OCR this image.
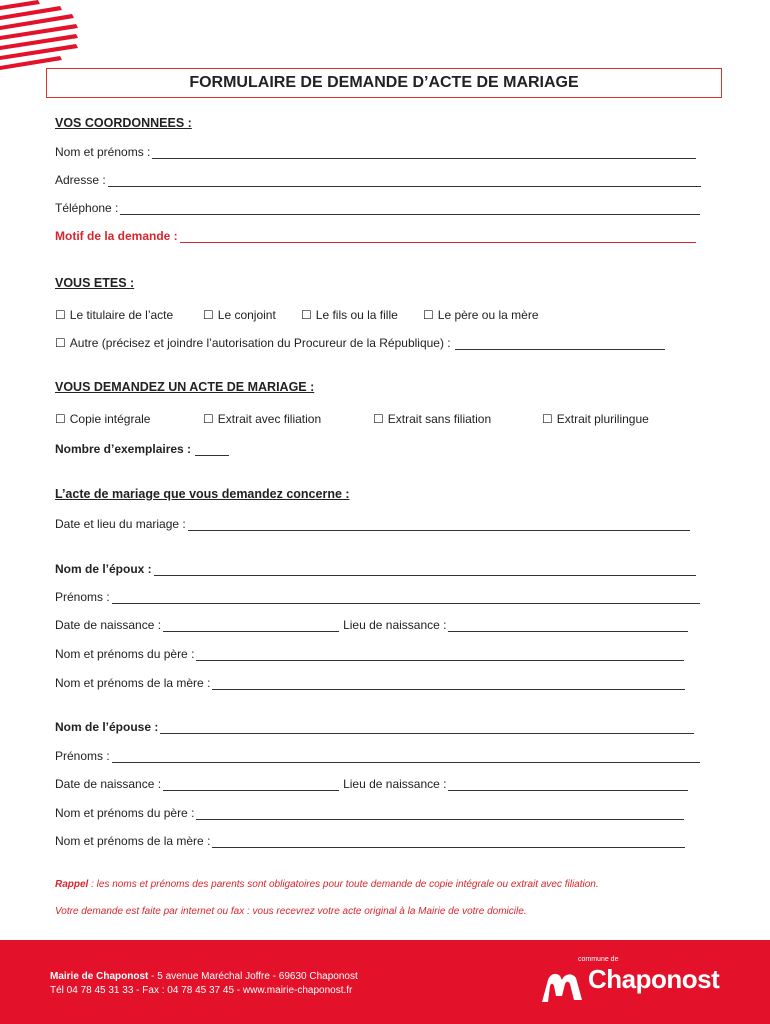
FORMULAIRE DE DEMANDE D’ACTE DE MARIAGE
VOS COORDONNEES :
Nom et prénoms :
Adresse :
Téléphone :
Motif de la demande :
VOUS ETES :
☐ Le titulaire de l’acte ☐ Le conjoint ☐ Le fils ou la fille ☐ Le père ou la mère
☐ Autre (précisez et joindre l’autorisation du Procureur de la République) :
VOUS DEMANDEZ UN ACTE DE MARIAGE :
☐ Copie intégrale	☐ Extrait avec filiation	☐ Extrait sans filiation	☐ Extrait plurilingue
Nombre d’exemplaires :
L’acte de mariage que vous demandez concerne :
Date et lieu du mariage :
Nom de l’époux :
Prénoms :
Date de naissance :	Lieu de naissance :
Nom et prénoms du père :
Nom et prénoms de la mère :
Nom de l’épouse :
Prénoms :
Date de naissance :	Lieu de naissance :
Nom et prénoms du père :
Nom et prénoms de la mère :
Rappel : les noms et prénoms des parents sont obligatoires pour toute demande de copie intégrale ou extrait avec filiation.
Votre demande est faite par internet ou fax : vous recevrez votre acte original à la Mairie de votre domicile.
Mairie de Chaponost - 5 avenue Maréchal Joffre - 69630 Chaponost
Tél 04 78 45 31 33 - Fax : 04 78 45 37 45 - www.mairie-chaponost.fr
commune de
Chaponost
